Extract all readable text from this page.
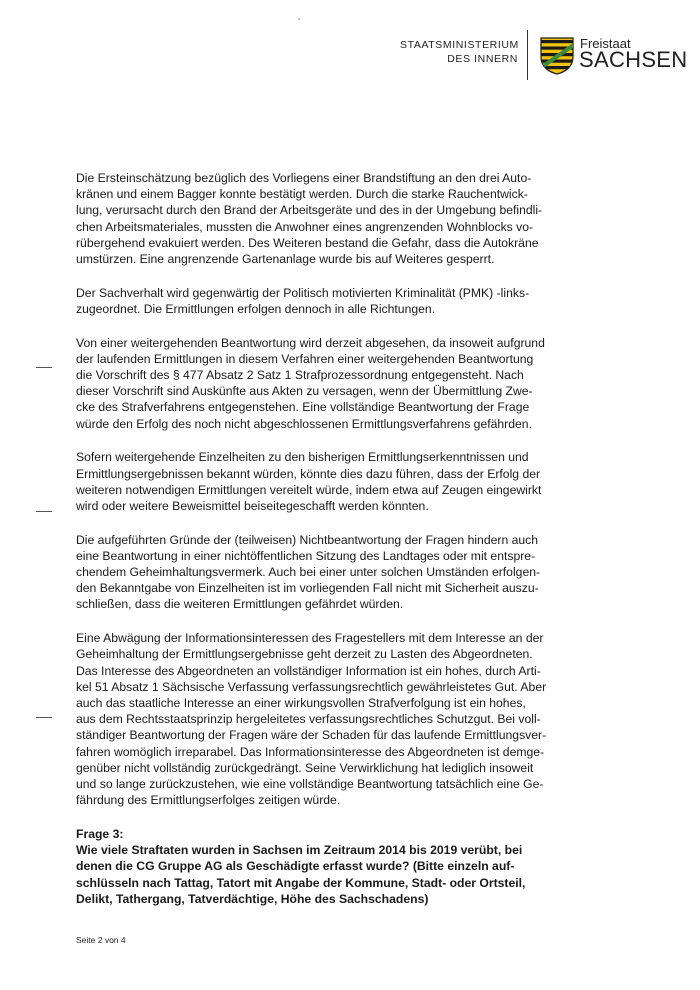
STAATSMINISTERIUM
DES INNERN
Freistaat
SACHSEN

Die Ersteinschätzung bezüglich des Vorliegens einer Brandstiftung an den drei Auto-
kränen und einem Bagger konnte bestätigt werden. Durch die starke Rauchentwick-
lung, verursacht durch den Brand der Arbeitsgeräte und des in der Umgebung befindli-
chen Arbeitsmateriales, mussten die Anwohner eines angrenzenden Wohnblocks vo-
rübergehend evakuiert werden. Des Weiteren bestand die Gefahr, dass die Autokräne
umstürzen. Eine angrenzende Gartenanlage wurde bis auf Weiteres gesperrt.

Der Sachverhalt wird gegenwärtig der Politisch motivierten Kriminalität (PMK) -links-
zugeordnet. Die Ermittlungen erfolgen dennoch in alle Richtungen.

Von einer weitergehenden Beantwortung wird derzeit abgesehen, da insoweit aufgrund
der laufenden Ermittlungen in diesem Verfahren einer weitergehenden Beantwortung
die Vorschrift des § 477 Absatz 2 Satz 1 Strafprozessordnung entgegensteht. Nach
dieser Vorschrift sind Auskünfte aus Akten zu versagen, wenn der Übermittlung Zwe-
cke des Strafverfahrens entgegenstehen. Eine vollständige Beantwortung der Frage
würde den Erfolg des noch nicht abgeschlossenen Ermittlungsverfahrens gefährden.

Sofern weitergehende Einzelheiten zu den bisherigen Ermittlungserkenntnissen und
Ermittlungsergebnissen bekannt würden, könnte dies dazu führen, dass der Erfolg der
weiteren notwendigen Ermittlungen vereitelt würde, indem etwa auf Zeugen eingewirkt
wird oder weitere Beweismittel beiseitegeschafft werden könnten.

Die aufgeführten Gründe der (teilweisen) Nichtbeantwortung der Fragen hindern auch
eine Beantwortung in einer nichtöffentlichen Sitzung des Landtages oder mit entspre-
chendem Geheimhaltungsvermerk. Auch bei einer unter solchen Umständen erfolgen-
den Bekanntgabe von Einzelheiten ist im vorliegenden Fall nicht mit Sicherheit auszu-
schließen, dass die weiteren Ermittlungen gefährdet würden.

Eine Abwägung der Informationsinteressen des Fragestellers mit dem Interesse an der
Geheimhaltung der Ermittlungsergebnisse geht derzeit zu Lasten des Abgeordneten.
Das Interesse des Abgeordneten an vollständiger Information ist ein hohes, durch Arti-
kel 51 Absatz 1 Sächsische Verfassung verfassungsrechtlich gewährleistetes Gut. Aber
auch das staatliche Interesse an einer wirkungsvollen Strafverfolgung ist ein hohes,
aus dem Rechtsstaatsprinzip hergeleitetes verfassungsrechtliches Schutzgut. Bei voll-
ständiger Beantwortung der Fragen wäre der Schaden für das laufende Ermittlungsver-
fahren womöglich irreparabel. Das Informationsinteresse des Abgeordneten ist demge-
genüber nicht vollständig zurückgedrängt. Seine Verwirklichung hat lediglich insoweit
und so lange zurückzustehen, wie eine vollständige Beantwortung tatsächlich eine Ge-
fährdung des Ermittlungserfolges zeitigen würde.

Frage 3:
Wie viele Straftaten wurden in Sachsen im Zeitraum 2014 bis 2019 verübt, bei
denen die CG Gruppe AG als Geschädigte erfasst wurde? (Bitte einzeln auf-
schlüsseln nach Tattag, Tatort mit Angabe der Kommune, Stadt- oder Ortsteil,
Delikt, Tathergang, Tatverdächtige, Höhe des Sachschadens)
Seite 2 von 4
